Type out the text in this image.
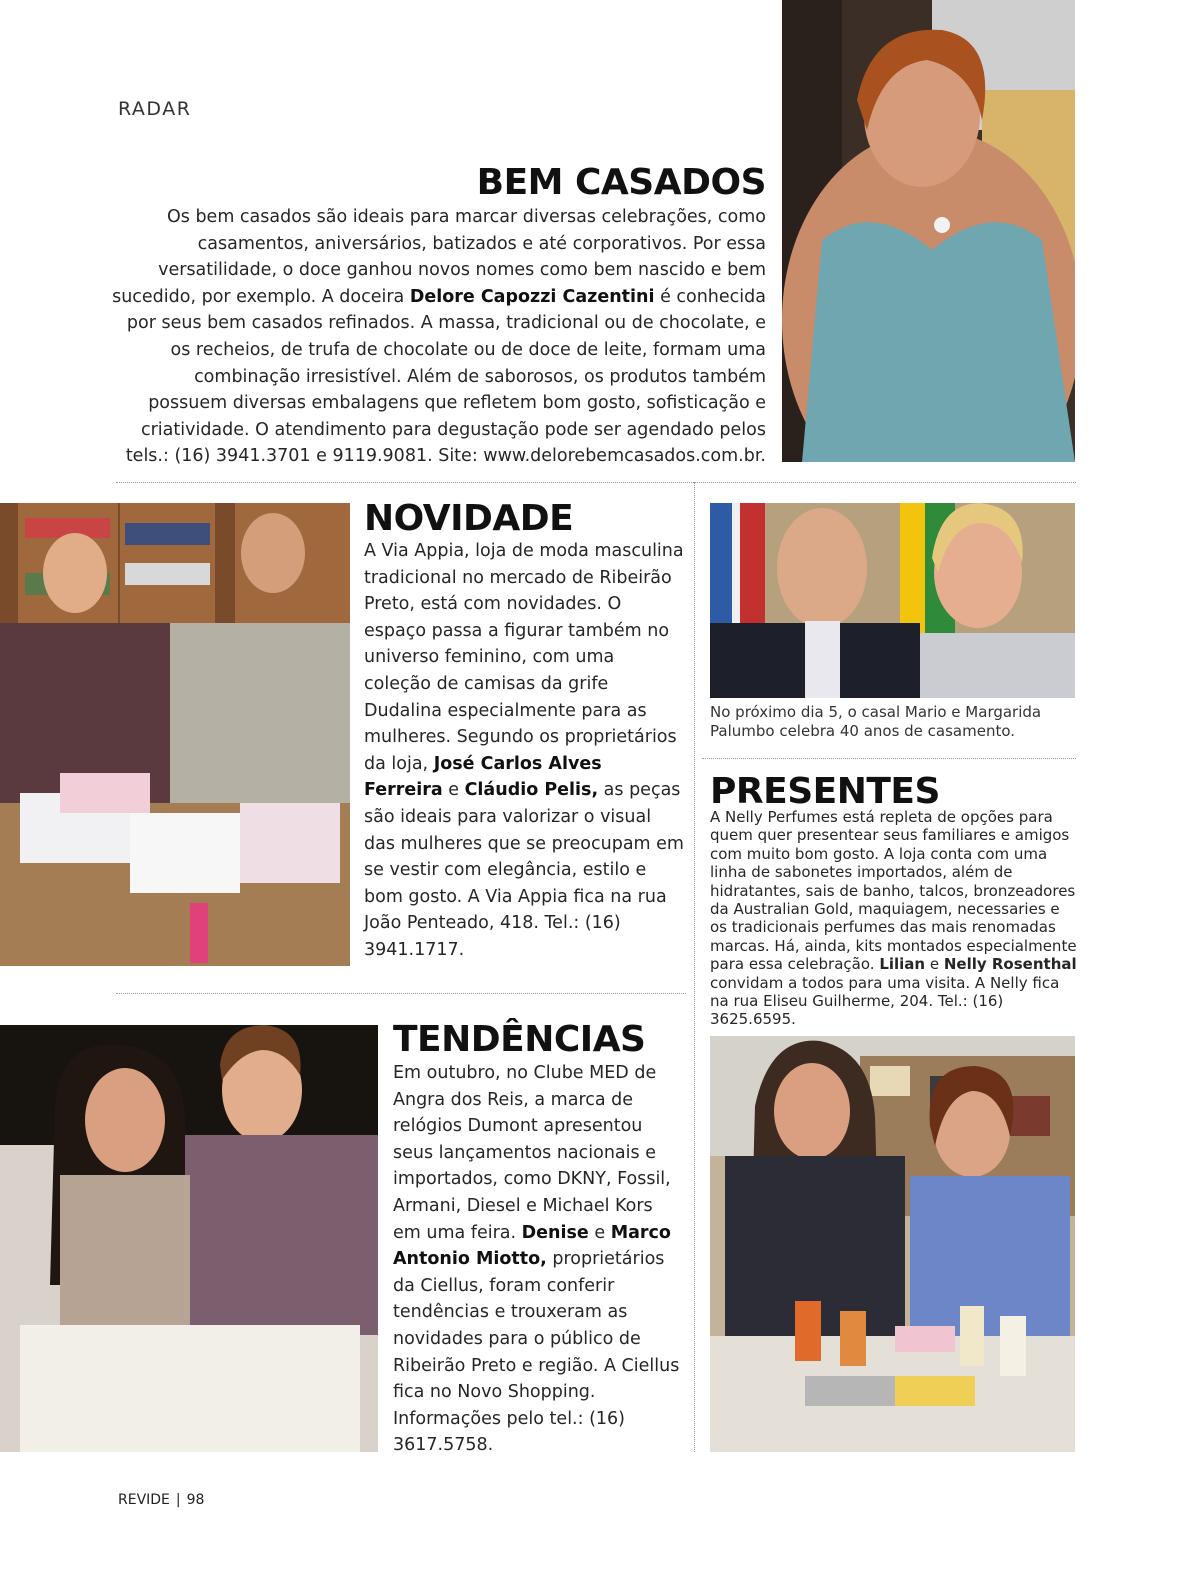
RADAR
BEM CASADOS
Os bem casados são ideais para marcar diversas celebrações, como casamentos, aniversários, batizados e até corporativos. Por essa versatilidade, o doce ganhou novos nomes como bem nascido e bem sucedido, por exemplo. A doceira Delore Capozzi Cazentini é conhecida por seus bem casados refinados. A massa, tradicional ou de chocolate, e os recheios, de trufa de chocolate ou de doce de leite, formam uma combinação irresistível. Além de saborosos, os produtos também possuem diversas embalagens que refletem bom gosto, sofisticação e criatividade. O atendimento para degustação pode ser agendado pelos tels.: (16) 3941.3701 e 9119.9081. Site: www.delorebemcasados.com.br.
NOVIDADE
A Via Appia, loja de moda masculina tradicional no mercado de Ribeirão Preto, está com novidades. O espaço passa a figurar também no universo feminino, com uma coleção de camisas da grife Dudalina especialmente para as mulheres. Segundo os proprietários da loja, José Carlos Alves Ferreira e Cláudio Pelis, as peças são ideais para valorizar o visual das mulheres que se preocupam em se vestir com elegância, estilo e bom gosto. A Via Appia fica na rua João Penteado, 418. Tel.: (16) 3941.1717.
No próximo dia 5, o casal Mario e Margarida Palumbo celebra 40 anos de casamento.
PRESENTES
A Nelly Perfumes está repleta de opções para quem quer presentear seus familiares e amigos com muito bom gosto. A loja conta com uma linha de sabonetes importados, além de hidratantes, sais de banho, talcos, bronzeadores da Australian Gold, maquiagem, necessaries e os tradicionais perfumes das mais renomadas marcas. Há, ainda, kits montados especialmente para essa celebração. Lilian e Nelly Rosenthal convidam a todos para uma visita. A Nelly fica na rua Eliseu Guilherme, 204. Tel.: (16) 3625.6595.
TENDÊNCIAS
Em outubro, no Clube MED de Angra dos Reis, a marca de relógios Dumont apresentou seus lançamentos nacionais e importados, como DKNY, Fossil, Armani, Diesel e Michael Kors em uma feira. Denise e Marco Antonio Miotto, proprietários da Ciellus, foram conferir tendências e trouxeram as novidades para o público de Ribeirão Preto e região. A Ciellus fica no Novo Shopping. Informações pelo tel.: (16) 3617.5758.
REVIDE | 98
